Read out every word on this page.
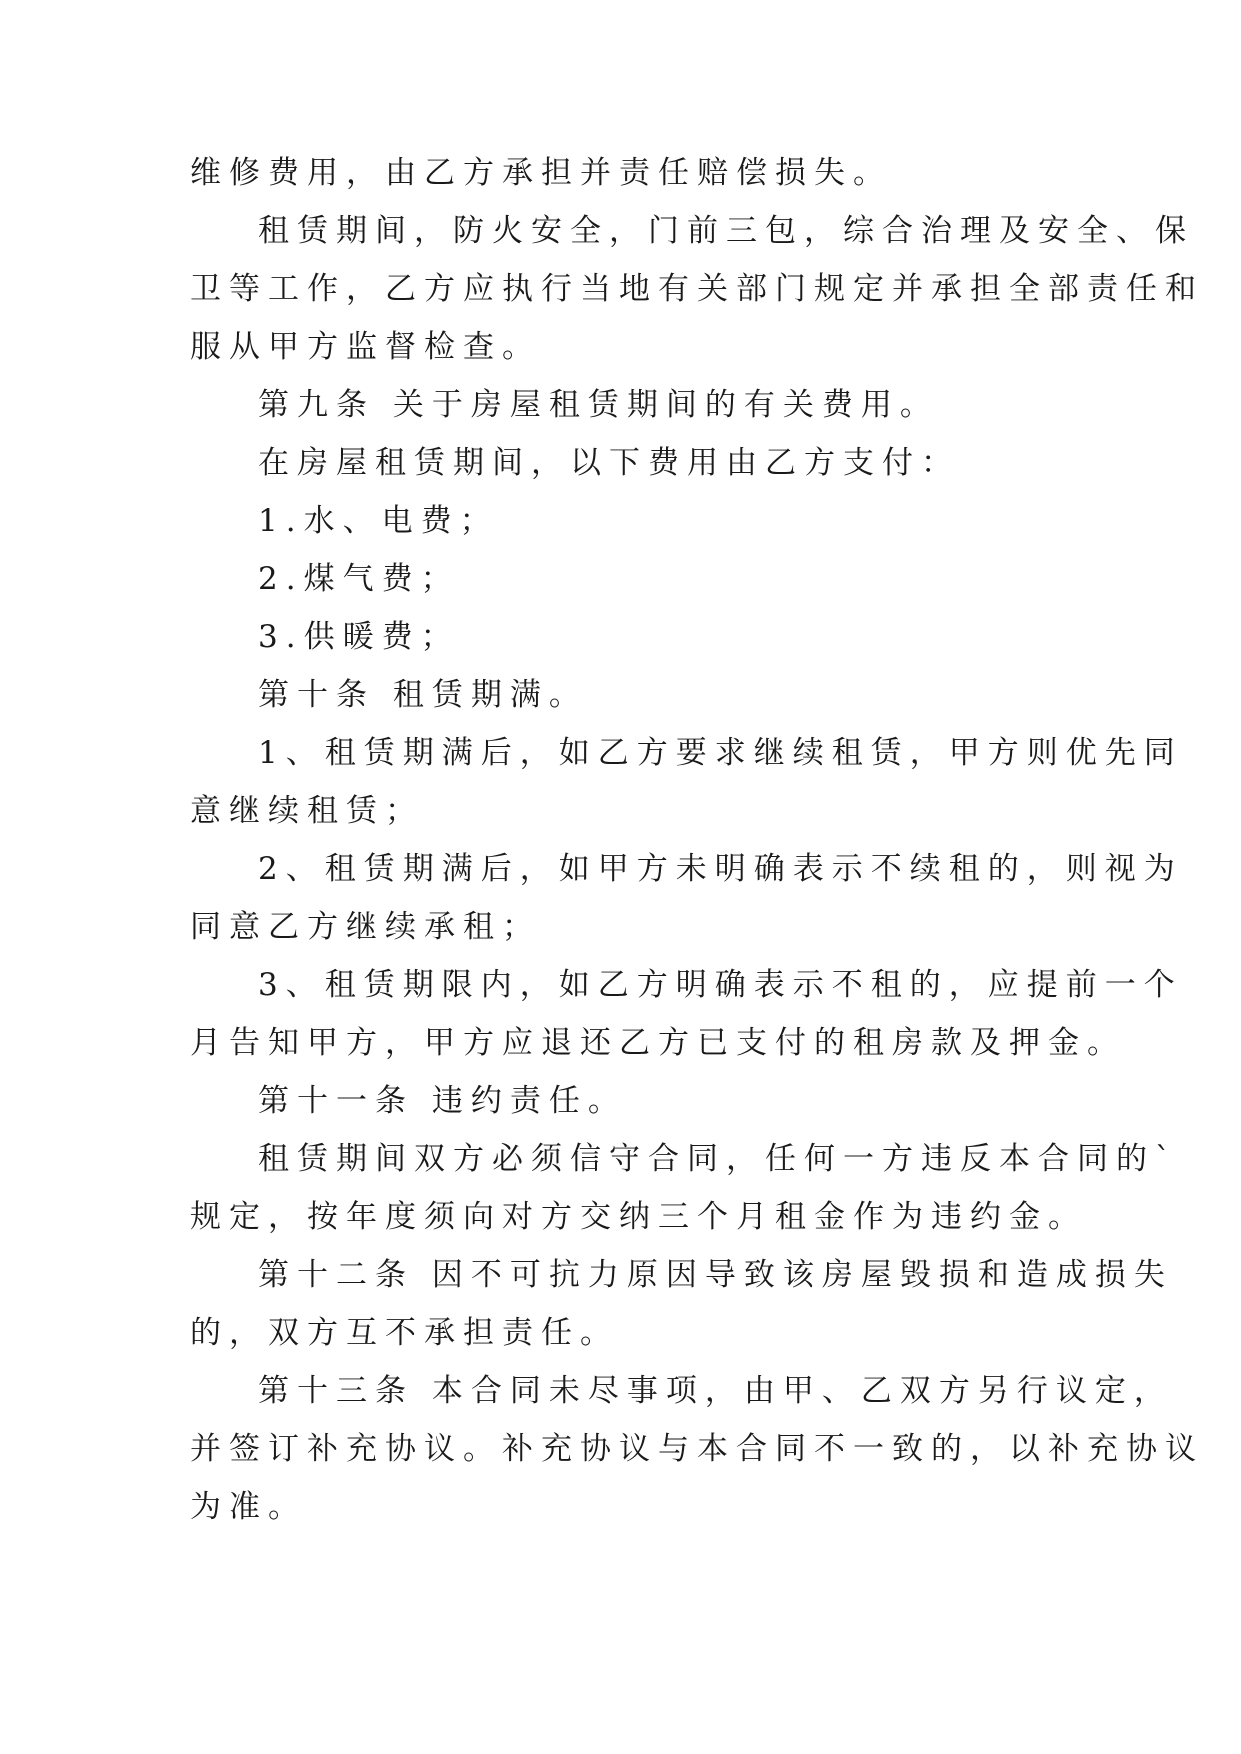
维修费用，由乙方承担并责任赔偿损失。

租赁期间，防火安全，门前三包，综合治理及安全、保

卫等工作，乙方应执行当地有关部门规定并承担全部责任和

服从甲方监督检查。

第九条 关于房屋租赁期间的有关费用。

在房屋租赁期间，以下费用由乙方支付：

1.水、电费；

2.煤气费；

3.供暖费；

第十条 租赁期满。

1、租赁期满后，如乙方要求继续租赁，甲方则优先同

意继续租赁；

2、租赁期满后，如甲方未明确表示不续租的，则视为

同意乙方继续承租；

3、租赁期限内，如乙方明确表示不租的，应提前一个

月告知甲方，甲方应退还乙方已支付的租房款及押金。

第十一条 违约责任。

租赁期间双方必须信守合同，任何一方违反本合同的`

规定，按年度须向对方交纳三个月租金作为违约金。

第十二条 因不可抗力原因导致该房屋毁损和造成损失

的，双方互不承担责任。

第十三条 本合同未尽事项，由甲、乙双方另行议定，

并签订补充协议。补充协议与本合同不一致的，以补充协议

为准。
